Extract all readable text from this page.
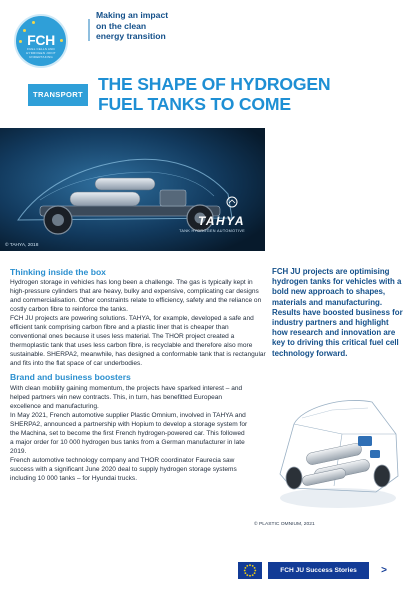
FCH
FUEL CELLS AND HYDROGEN JOINT UNDERTAKING

Making an impact

on the clean

energy transition

TRANSPORT
THE SHAPE OF HYDROGEN
FUEL TANKS TO COME
TAHYA
TANK HYDROGEN AUTOMOTIVE
© TAHYA, 2018
Thinking inside the box

Hydrogen storage in vehicles has long been a challenge. The gas is typically kept in high-pressure cylinders that are heavy, bulky and expensive, complicating car designs and commercialisation. Other constraints relate to efficiency, safety and the reliance on costly carbon fibre to reinforce the tanks.

FCH JU projects are powering solutions. TAHYA, for example, developed a safe and efficient tank comprising carbon fibre and a plastic liner that is cheaper than conventional ones because it uses less material. The THOR project created a thermoplastic tank that uses less carbon fibre, is recyclable and therefore also more sustainable. SHERPA2, meanwhile, has designed a conformable tank that is rectangular and fits into the flat space of car underbodies.

FCH JU projects are optimising hydrogen tanks for vehicles with a bold new approach to shapes, materials and manufacturing. Results have boosted business for industry partners and highlight how research and innovation are key to driving this critical fuel cell technology forward.
Brand and business boosters

With clean mobility gaining momentum, the projects have sparked interest – and helped partners win new contracts. This, in turn, has benefitted European excellence and manufacturing.

In May 2021, French automotive supplier Plastic Omnium, involved in TAHYA and SHERPA2, announced a partnership with Hopium to develop a storage system for the Machina, set to become the first French hydrogen-powered car. This followed a major order for 10 000 hydrogen bus tanks from a German manufacturer in late 2019.

French automotive technology company and THOR coordinator Faurecia saw success with a significant June 2020 deal to supply hydrogen storage systems including 10 000 tanks – for Hyundai trucks.

© PLASTIC OMNIUM, 2021
FCH JU Success Stories	>
